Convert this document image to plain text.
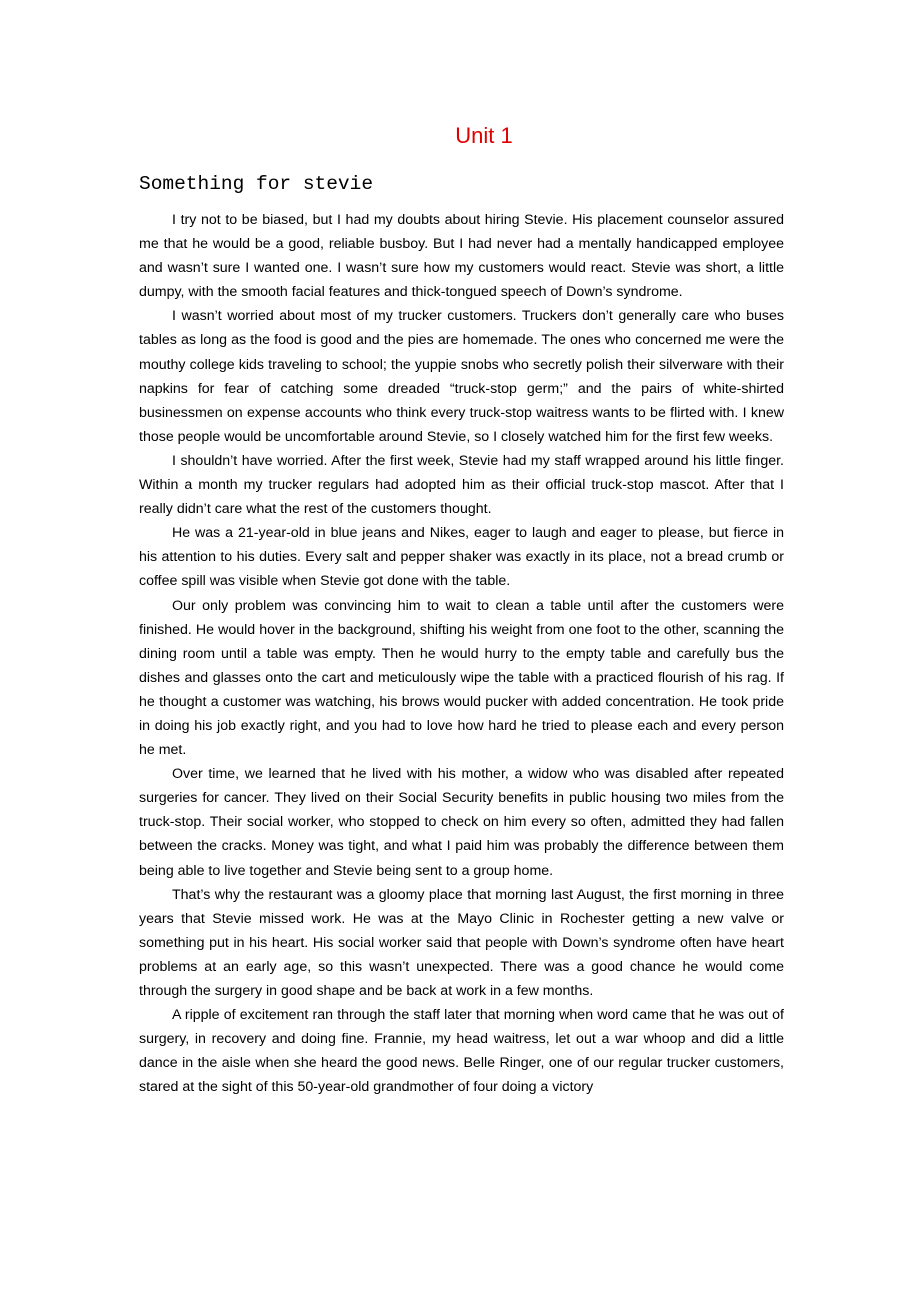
Unit 1
Something for stevie

I try not to be biased, but I had my doubts about hiring Stevie. His placement counselor assured me that he would be a good, reliable busboy. But I had never had a mentally handicapped employee and wasn’t sure I wanted one. I wasn’t sure how my customers would react. Stevie was short, a little dumpy, with the smooth facial features and thick-tongued speech of Down’s syndrome.

I wasn’t worried about most of my trucker customers. Truckers don’t generally care who buses tables as long as the food is good and the pies are homemade. The ones who concerned me were the mouthy college kids traveling to school; the yuppie snobs who secretly polish their silverware with their napkins for fear of catching some dreaded “truck-stop germ;” and the pairs of white-shirted businessmen on expense accounts who think every truck-stop waitress wants to be flirted with. I knew those people would be uncomfortable around Stevie, so I closely watched him for the first few weeks.

I shouldn’t have worried. After the first week, Stevie had my staff wrapped around his little finger. Within a month my trucker regulars had adopted him as their official truck-stop mascot. After that I really didn’t care what the rest of the customers thought.

He was a 21-year-old in blue jeans and Nikes, eager to laugh and eager to please, but fierce in his attention to his duties. Every salt and pepper shaker was exactly in its place, not a bread crumb or coffee spill was visible when Stevie got done with the table.

Our only problem was convincing him to wait to clean a table until after the customers were finished. He would hover in the background, shifting his weight from one foot to the other, scanning the dining room until a table was empty. Then he would hurry to the empty table and carefully bus the dishes and glasses onto the cart and meticulously wipe the table with a practiced flourish of his rag. If he thought a customer was watching, his brows would pucker with added concentration. He took pride in doing his job exactly right, and you had to love how hard he tried to please each and every person he met.

Over time, we learned that he lived with his mother, a widow who was disabled after repeated surgeries for cancer. They lived on their Social Security benefits in public housing two miles from the truck-stop. Their social worker, who stopped to check on him every so often, admitted they had fallen between the cracks. Money was tight, and what I paid him was probably the difference between them being able to live together and Stevie being sent to a group home.

That’s why the restaurant was a gloomy place that morning last August, the first morning in three years that Stevie missed work. He was at the Mayo Clinic in Rochester getting a new valve or something put in his heart. His social worker said that people with Down’s syndrome often have heart problems at an early age, so this wasn’t unexpected. There was a good chance he would come through the surgery in good shape and be back at work in a few months.

A ripple of excitement ran through the staff later that morning when word came that he was out of surgery, in recovery and doing fine. Frannie, my head waitress, let out a war whoop and did a little dance in the aisle when she heard the good news. Belle Ringer, one of our regular trucker customers, stared at the sight of this 50-year-old grandmother of four doing a victory
